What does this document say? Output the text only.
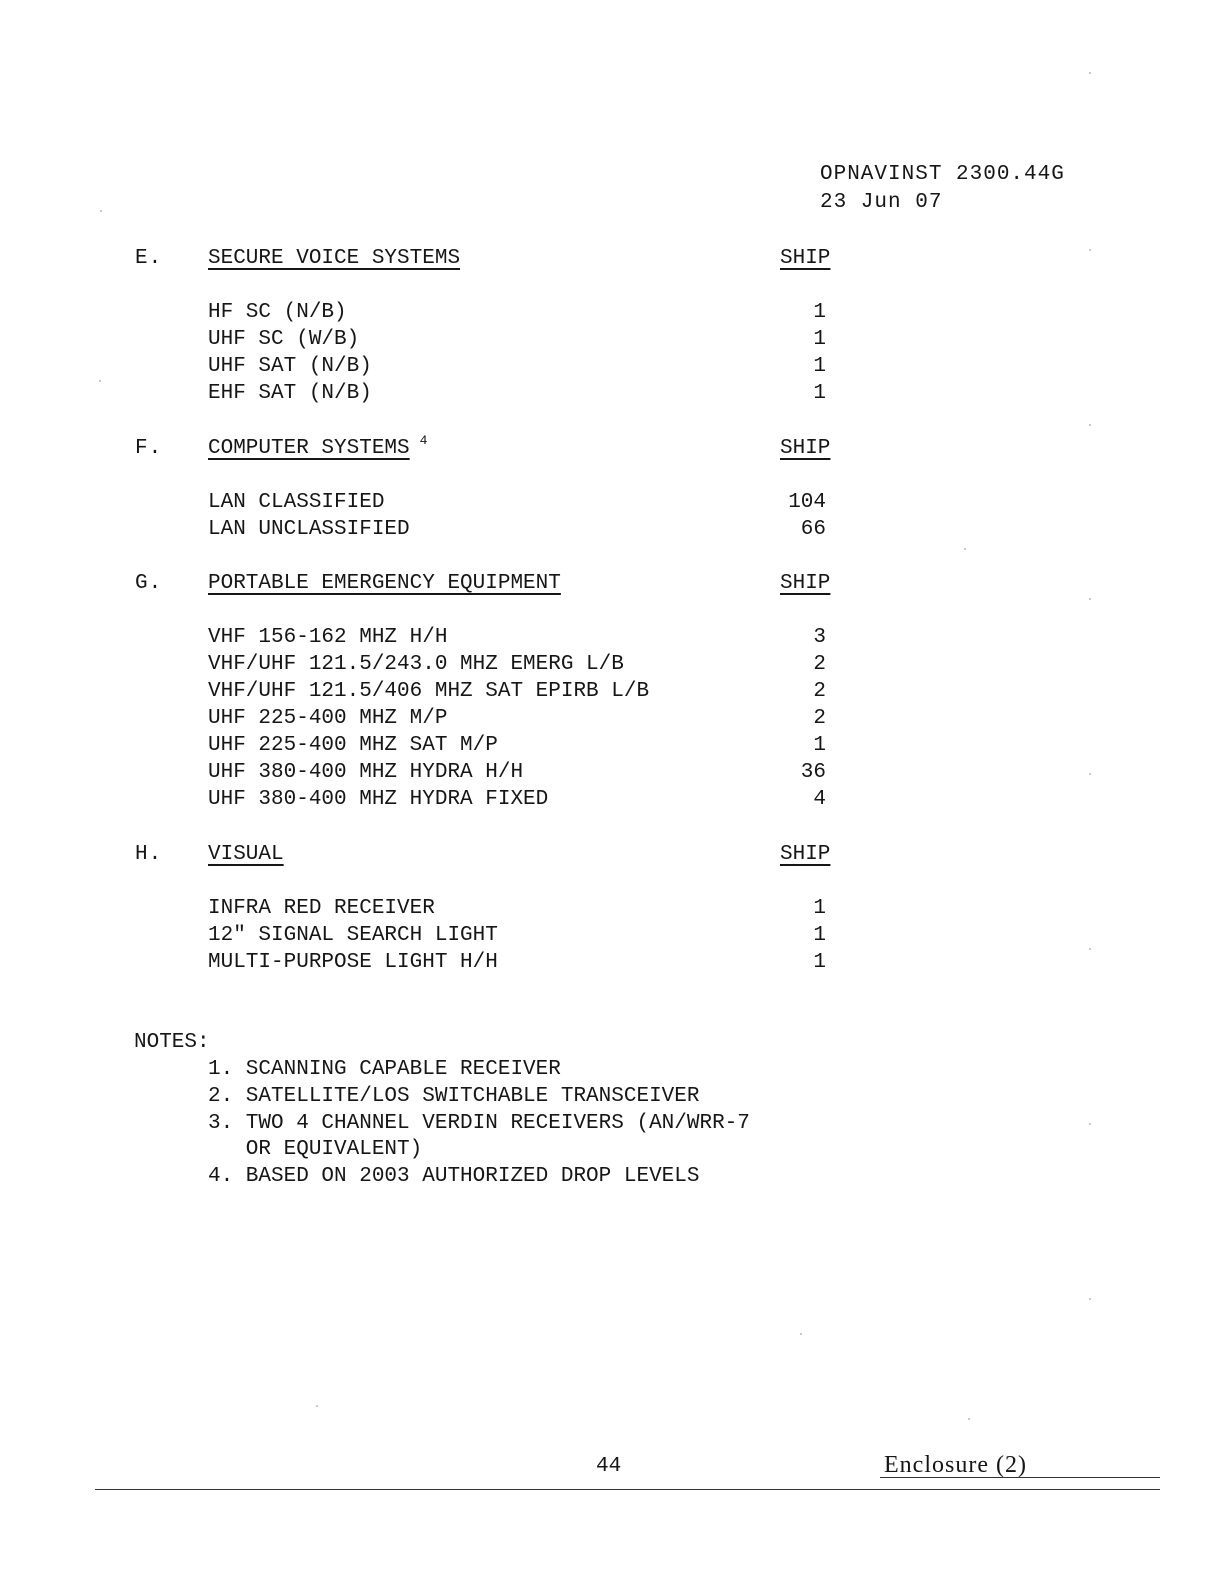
OPNAVINST 2300.44G
23 Jun 07
E. SECURE VOICE SYSTEMS	SHIP
HF SC (N/B)	1
UHF SC (W/B)	1
UHF SAT (N/B)	1
EHF SAT (N/B)	1
F. COMPUTER SYSTEMS 4	SHIP
LAN CLASSIFIED	104
LAN UNCLASSIFIED	66
G. PORTABLE EMERGENCY EQUIPMENT	SHIP
VHF 156-162 MHZ H/H	3
VHF/UHF 121.5/243.0 MHZ EMERG L/B	2
VHF/UHF 121.5/406 MHZ SAT EPIRB L/B	2
UHF 225-400 MHZ M/P	2
UHF 225-400 MHZ SAT M/P	1
UHF 380-400 MHZ HYDRA H/H	36
UHF 380-400 MHZ HYDRA FIXED	4
H. VISUAL	SHIP
INFRA RED RECEIVER	1
12″ SIGNAL SEARCH LIGHT	1
MULTI-PURPOSE LIGHT H/H	1
NOTES:
1. SCANNING CAPABLE RECEIVER
2. SATELLITE/LOS SWITCHABLE TRANSCEIVER
3. TWO 4 CHANNEL VERDIN RECEIVERS (AN/WRR-7
OR EQUIVALENT)
4. BASED ON 2003 AUTHORIZED DROP LEVELS
44	Enclosure (2)
